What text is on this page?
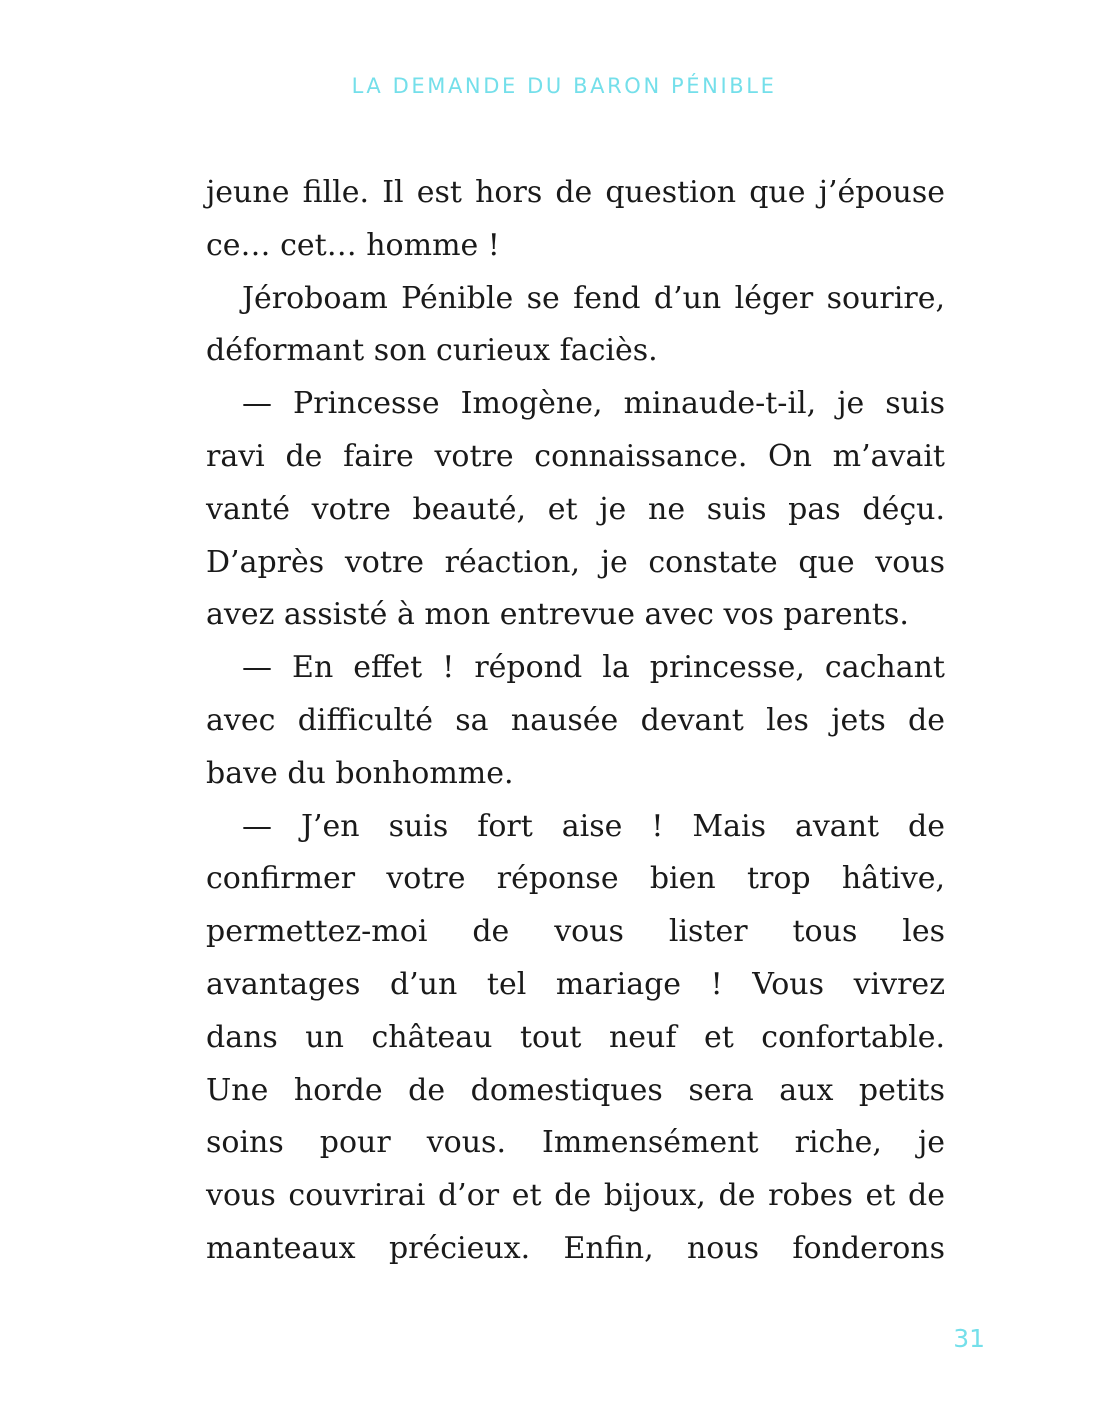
LA DEMANDE DU BARON PÉNIBLE
jeune fille. Il est hors de question que j’épouse
ce… cet… homme !
Jéroboam Pénible se fend d’un léger sourire,
déformant son curieux faciès.
— Princesse Imogène, minaude-t-il, je suis
ravi de faire votre connaissance. On m’avait
vanté votre beauté, et je ne suis pas déçu.
D’après votre réaction, je constate que vous
avez assisté à mon entrevue avec vos parents.
— En effet ! répond la princesse, cachant
avec difficulté sa nausée devant les jets de
bave du bonhomme.
— J’en suis fort aise ! Mais avant de
confirmer votre réponse bien trop hâtive,
permettez-moi de vous lister tous les
avantages d’un tel mariage ! Vous vivrez
dans un château tout neuf et confortable.
Une horde de domestiques sera aux petits
soins pour vous. Immensément riche, je
vous couvrirai d’or et de bijoux, de robes et de
manteaux précieux. Enfin, nous fonderons
31
